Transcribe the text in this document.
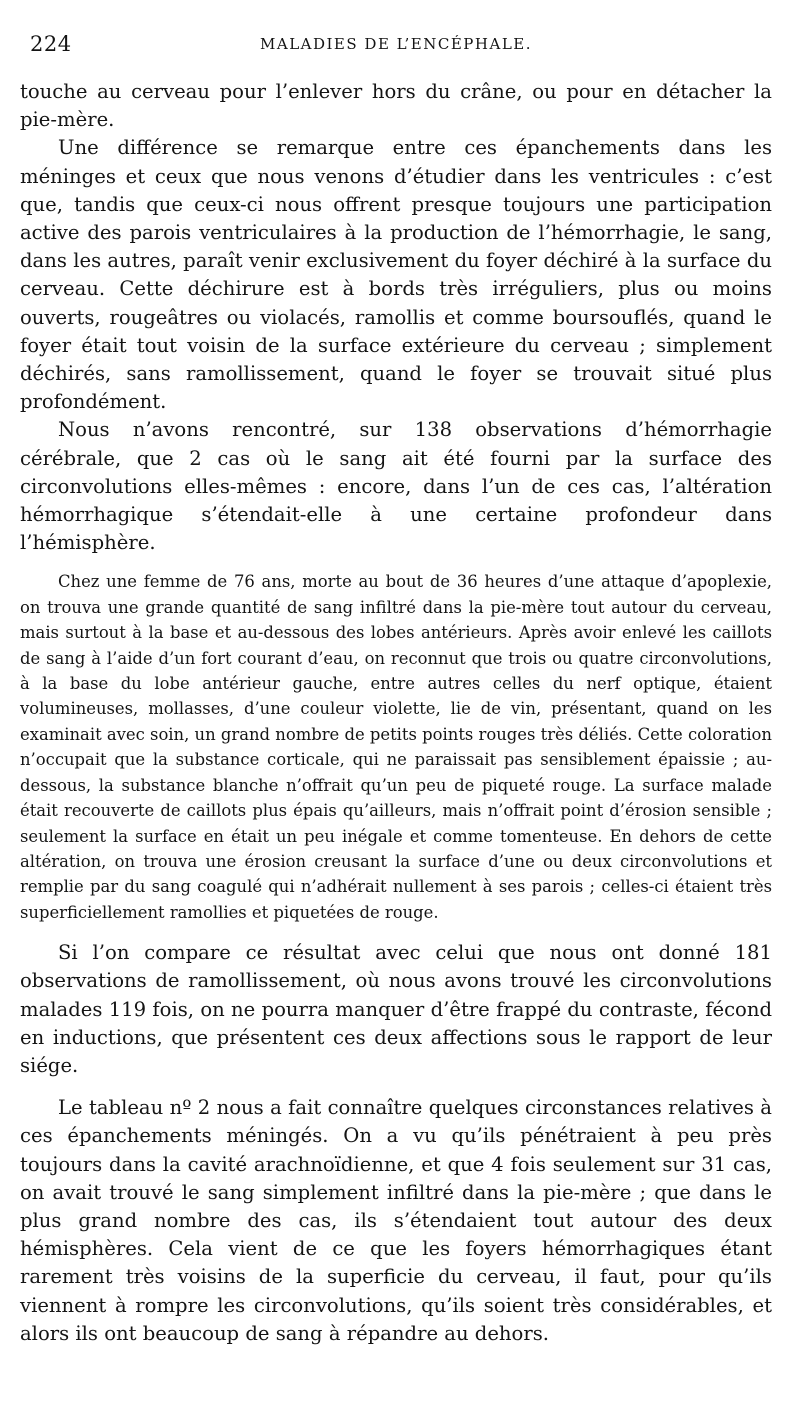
224	MALADIES DE L’ENCÉPHALE.

touche au cerveau pour l’enlever hors du crâne, ou pour en détacher la pie-mère.

Une différence se remarque entre ces épanchements dans les méninges et ceux que nous venons d’étudier dans les ventricules : c’est que, tandis que ceux-ci nous offrent presque toujours une participation active des parois ventriculaires à la production de l’hémorrhagie, le sang, dans les autres, paraît venir exclusivement du foyer déchiré à la surface du cerveau. Cette déchirure est à bords très irréguliers, plus ou moins ouverts, rougeâtres ou violacés, ramollis et comme boursouflés, quand le foyer était tout voisin de la surface extérieure du cerveau ; simplement déchirés, sans ramollissement, quand le foyer se trouvait situé plus profondément.

Nous n’avons rencontré, sur 138 observations d’hémorrhagie cérébrale, que 2 cas où le sang ait été fourni par la surface des circonvolutions elles-mêmes : encore, dans l’un de ces cas, l’altération hémorrhagique s’étendait-elle à une certaine profondeur dans l’hémisphère.

Chez une femme de 76 ans, morte au bout de 36 heures d’une attaque d’apoplexie, on trouva une grande quantité de sang infiltré dans la pie-mère tout autour du cerveau, mais surtout à la base et au-dessous des lobes antérieurs. Après avoir enlevé les caillots de sang à l’aide d’un fort courant d’eau, on reconnut que trois ou quatre circonvolutions, à la base du lobe antérieur gauche, entre autres celles du nerf optique, étaient volumineuses, mollasses, d’une couleur violette, lie de vin, présentant, quand on les examinait avec soin, un grand nombre de petits points rouges très déliés. Cette coloration n’occupait que la substance corticale, qui ne paraissait pas sensiblement épaissie ; au-dessous, la substance blanche n’offrait qu’un peu de piqueté rouge. La surface malade était recouverte de caillots plus épais qu’ailleurs, mais n’offrait point d’érosion sensible ; seulement la surface en était un peu inégale et comme tomenteuse. En dehors de cette altération, on trouva une érosion creusant la surface d’une ou deux circonvolutions et remplie par du sang coagulé qui n’adhérait nullement à ses parois ; celles-ci étaient très superficiellement ramollies et piquetées de rouge.

Si l’on compare ce résultat avec celui que nous ont donné 181 observations de ramollissement, où nous avons trouvé les circonvolutions malades 119 fois, on ne pourra manquer d’être frappé du contraste, fécond en inductions, que présentent ces deux affections sous le rapport de leur siége.

Le tableau nº 2 nous a fait connaître quelques circonstances relatives à ces épanchements méningés. On a vu qu’ils pénétraient à peu près toujours dans la cavité arachnoïdienne, et que 4 fois seulement sur 31 cas, on avait trouvé le sang simplement infiltré dans la pie-mère ; que dans le plus grand nombre des cas, ils s’étendaient tout autour des deux hémisphères. Cela vient de ce que les foyers hémorrhagiques étant rarement très voisins de la superficie du cerveau, il faut, pour qu’ils viennent à rompre les circonvolutions, qu’ils soient très considérables, et alors ils ont beaucoup de sang à répandre au dehors.
